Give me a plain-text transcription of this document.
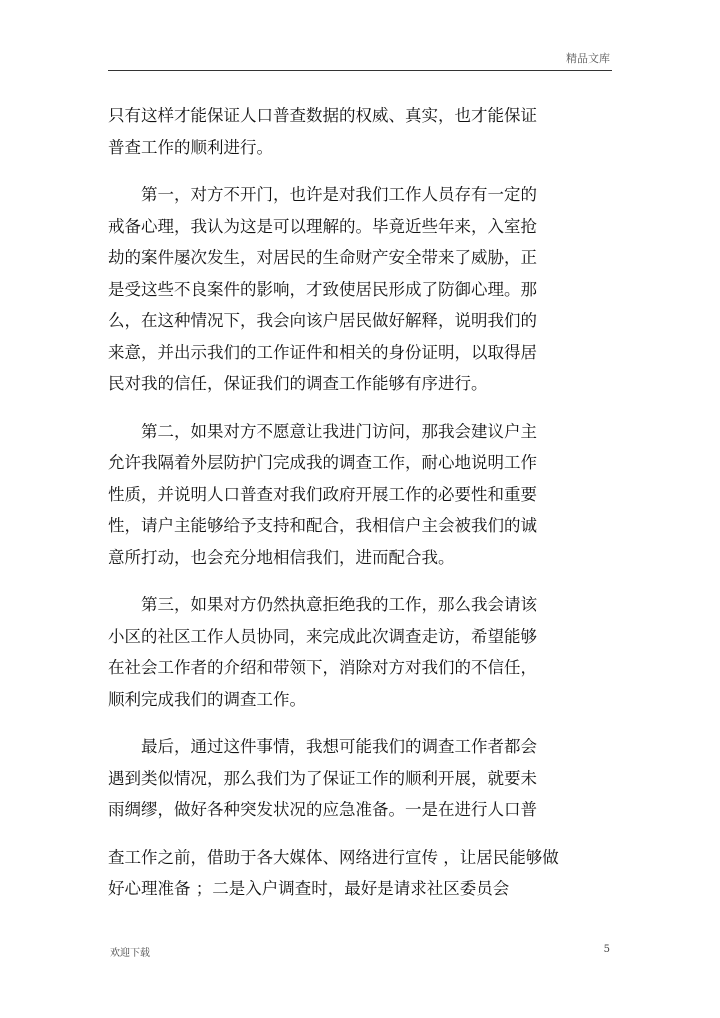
精品文库
只有这样才能保证人口普查数据的权威、真实，也才能保证
普查工作的顺利进行。
　　第一，对方不开门，也许是对我们工作人员存有一定的
戒备心理，我认为这是可以理解的。毕竟近些年来，入室抢
劫的案件屡次发生，对居民的生命财产安全带来了威胁，正
是受这些不良案件的影响，才致使居民形成了防御心理。那
么，在这种情况下，我会向该户居民做好解释，说明我们的
来意，并出示我们的工作证件和相关的身份证明，以取得居
民对我的信任，保证我们的调查工作能够有序进行。
　　第二，如果对方不愿意让我进门访问，那我会建议户主
允许我隔着外层防护门完成我的调查工作，耐心地说明工作
性质，并说明人口普查对我们政府开展工作的必要性和重要
性，请户主能够给予支持和配合，我相信户主会被我们的诚
意所打动，也会充分地相信我们，进而配合我。
　　第三，如果对方仍然执意拒绝我的工作，那么我会请该
小区的社区工作人员协同，来完成此次调查走访，希望能够
在社会工作者的介绍和带领下，消除对方对我们的不信任，
顺利完成我们的调查工作。
　　最后，通过这件事情，我想可能我们的调查工作者都会
遇到类似情况，那么我们为了保证工作的顺利开展，就要未
雨绸缪，做好各种突发状况的应急准备。一是在进行人口普
查工作之前，借助于各大媒体、网络进行宣传 ，让居民能够做
好心理准备 ；二是入户调查时，最好是请求社区委员会
欢迎下载	5
